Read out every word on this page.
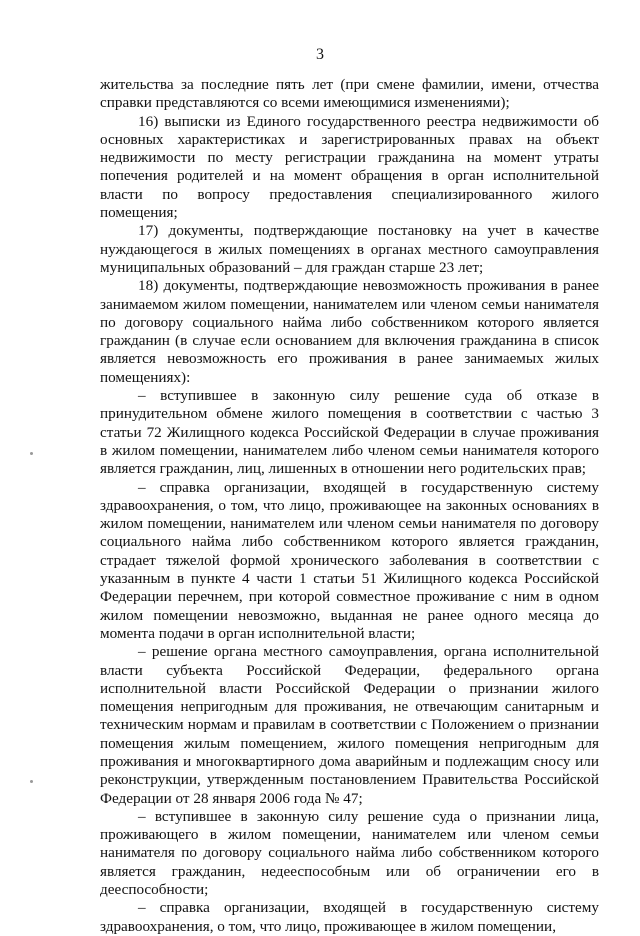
3

жительства за последние пять лет (при смене фамилии, имени, отчества справки представляются со всеми имеющимися изменениями);

16) выписки из Единого государственного реестра недвижимости об основных характеристиках и зарегистрированных правах на объект недвижимости по месту регистрации гражданина на момент утраты попечения родителей и на момент обращения в орган исполнительной власти по вопросу предоставления специализированного жилого помещения;

17) документы, подтверждающие постановку на учет в качестве нуждающегося в жилых помещениях в органах местного самоуправления муниципальных образований – для граждан старше 23 лет;

18) документы, подтверждающие невозможность проживания в ранее занимаемом жилом помещении, нанимателем или членом семьи нанимателя по договору социального найма либо собственником которого является гражданин (в случае если основанием для включения гражданина в список является невозможность его проживания в ранее занимаемых жилых помещениях):

– вступившее в законную силу решение суда об отказе в принудительном обмене жилого помещения в соответствии с частью 3 статьи 72 Жилищного кодекса Российской Федерации в случае проживания в жилом помещении, нанимателем либо членом семьи нанимателя которого является гражданин, лиц, лишенных в отношении него родительских прав;

– справка организации, входящей в государственную систему здравоохранения, о том, что лицо, проживающее на законных основаниях в жилом помещении, нанимателем или членом семьи нанимателя по договору социального найма либо собственником которого является гражданин, страдает тяжелой формой хронического заболевания в соответствии с указанным в пункте 4 части 1 статьи 51 Жилищного кодекса Российской Федерации перечнем, при которой совместное проживание с ним в одном жилом помещении невозможно, выданная не ранее одного месяца до момента подачи в орган исполнительной власти;

– решение органа местного самоуправления, органа исполнительной власти субъекта Российской Федерации, федерального органа исполнительной власти Российской Федерации о признании жилого помещения непригодным для проживания, не отвечающим санитарным и техническим нормам и правилам в соответствии с Положением о признании помещения жилым помещением, жилого помещения непригодным для проживания и многоквартирного дома аварийным и подлежащим сносу или реконструкции, утвержденным постановлением Правительства Российской Федерации от 28 января 2006 года № 47;

– вступившее в законную силу решение суда о признании лица, проживающего в жилом помещении, нанимателем или членом семьи нанимателя по договору социального найма либо собственником которого является гражданин, недееспособным или об ограничении его в дееспособности;

– справка организации, входящей в государственную систему здравоохранения, о том, что лицо, проживающее в жилом помещении,
